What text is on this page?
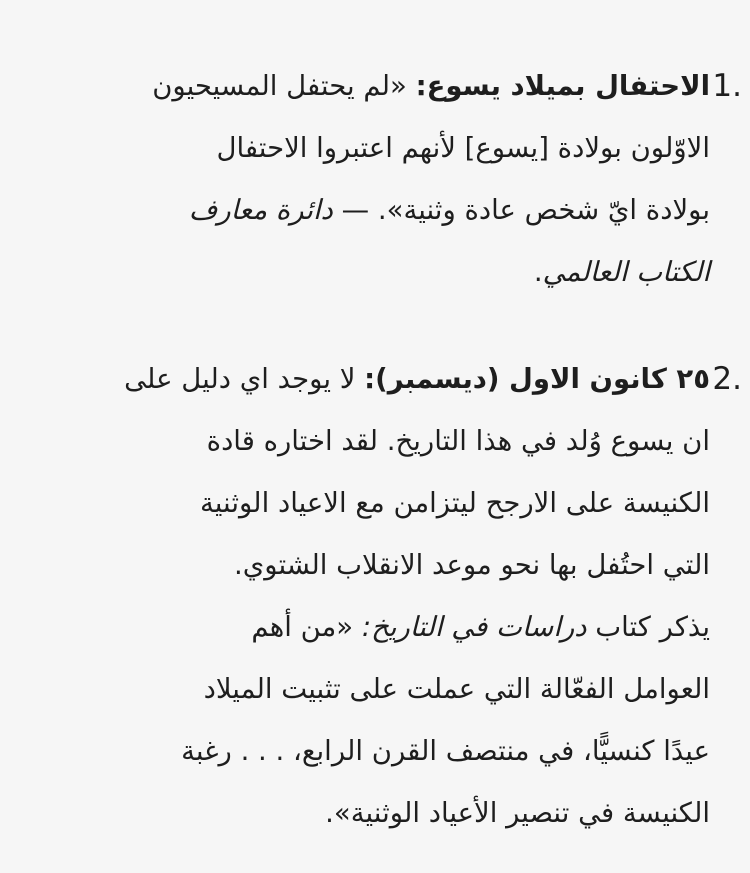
1.
الاحتفال بميلاد يسوع: «لم يحتفل المسيحيون
الاوّلون بولادة [يسوع] لأنهم اعتبروا الاحتفال
بولادة ايّ شخص عادة وثنية». — دائرة معارف
الكتاب العالمي.
2.
٢٥ كانون الاول (ديسمبر): لا يوجد اي دليل على
ان يسوع وُلد في هذا التاريخ. لقد اختاره قادة
الكنيسة على الارجح ليتزامن مع الاعياد الوثنية
التي احتُفل بها نحو موعد الانقلاب الشتوي.
يذكر كتاب دراسات في التاريخ: «من أهم
العوامل الفعّالة التي عملت على تثبيت الميلاد
عيدًا كنسيًّا، في منتصف القرن الرابع، . . . رغبة
الكنيسة في تنصير الأعياد الوثنية».
